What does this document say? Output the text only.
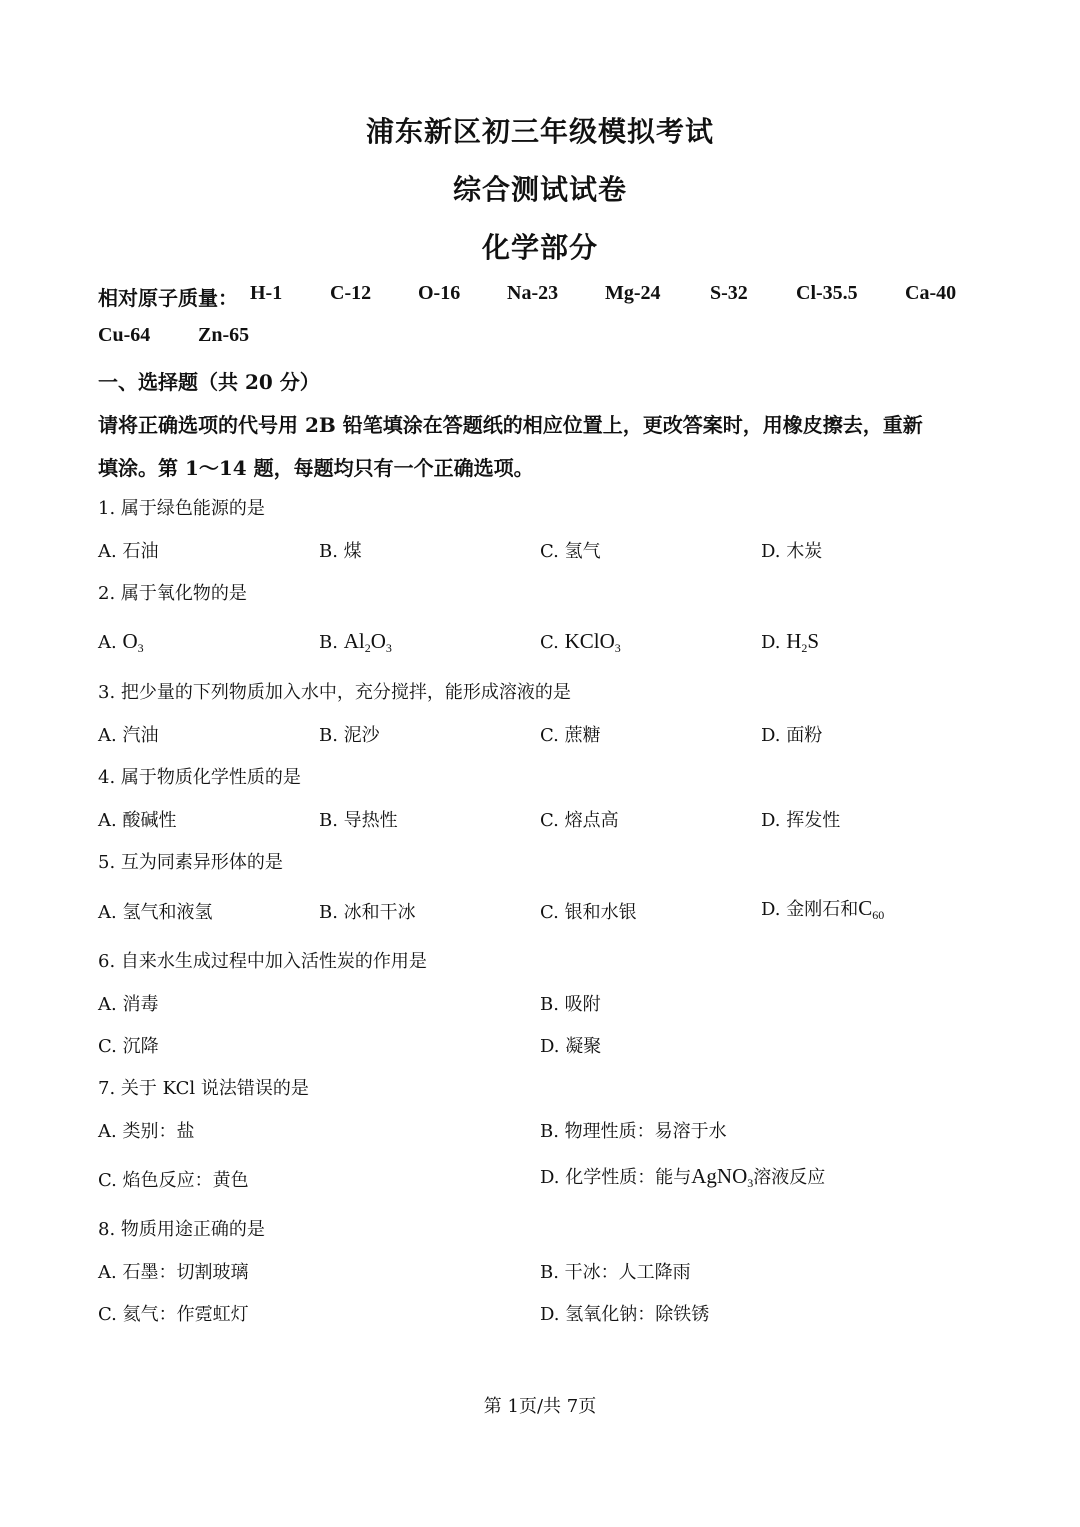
浦东新区初三年级模拟考试
综合测试试卷
化学部分
相对原子质量： H-1 C-12 O-16 Na-23 Mg-24 S-32 Cl-35.5 Ca-40
Cu-64 Zn-65
一、选择题（共 20 分）
请将正确选项的代号用 2B 铅笔填涂在答题纸的相应位置上，更改答案时，用橡皮擦去，重新
填涂。第 1～14 题，每题均只有一个正确选项。
1. 属于绿色能源的是
A. 石油	B. 煤	C. 氢气	D. 木炭
2. 属于氧化物的是
A. $O_3$	B. $Al_2O_3$	C. KClO$_3$	D. $H_2S$
3. 把少量的下列物质加入水中，充分搅拌，能形成溶液的是
A. 汽油	B. 泥沙	C. 蔗糖	D. 面粉
4. 属于物质化学性质的是
A. 酸碱性	B. 导热性	C. 熔点高	D. 挥发性
5. 互为同素异形体的是
A. 氢气和液氢	B. 冰和干冰	C. 银和水银	D. 金刚石和$C_{60}$
6. 自来水生成过程中加入活性炭的作用是
A. 消毒	B. 吸附
C. 沉降	D. 凝聚
7. 关于 KCl 说法错误的是
A. 类别：盐	B. 物理性质：易溶于水
C. 焰色反应：黄色	D. 化学性质：能与AgNO$_3$溶液反应
8. 物质用途正确的是
A. 石墨：切割玻璃	B. 干冰：人工降雨
C. 氦气：作霓虹灯	D. 氢氧化钠：除铁锈
第 1页/共 7页
